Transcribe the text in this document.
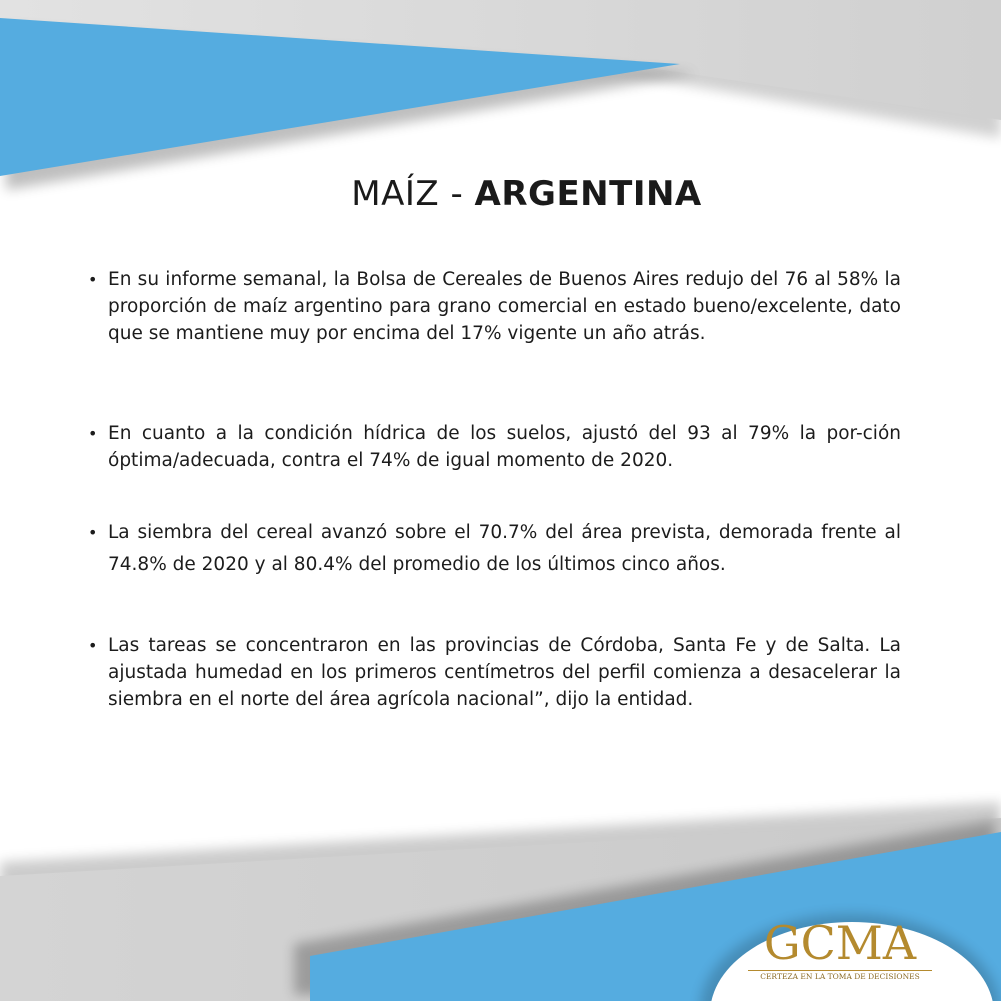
MAÍZ - ARGENTINA
• En su informe semanal, la Bolsa de Cereales de Buenos Aires redujo del 76 al 58% la proporción de maíz argentino para grano comercial en estado bueno/excelente, dato que se mantiene muy por encima del 17% vigente un año atrás.
• En cuanto a la condición hídrica de los suelos, ajustó del 93 al 79% la por-ción óptima/adecuada, contra el 74% de igual momento de 2020.
• La siembra del cereal avanzó sobre el 70.7% del área prevista, demorada frente al 74.8% de 2020 y al 80.4% del promedio de los últimos cinco años.
• Las tareas se concentraron en las provincias de Córdoba, Santa Fe y de Salta. La ajustada humedad en los primeros centímetros del perfil comienza a desacelerar la siembra en el norte del área agrícola nacional”, dijo la entidad.
GCMA
CERTEZA EN LA TOMA DE DECISIONES
